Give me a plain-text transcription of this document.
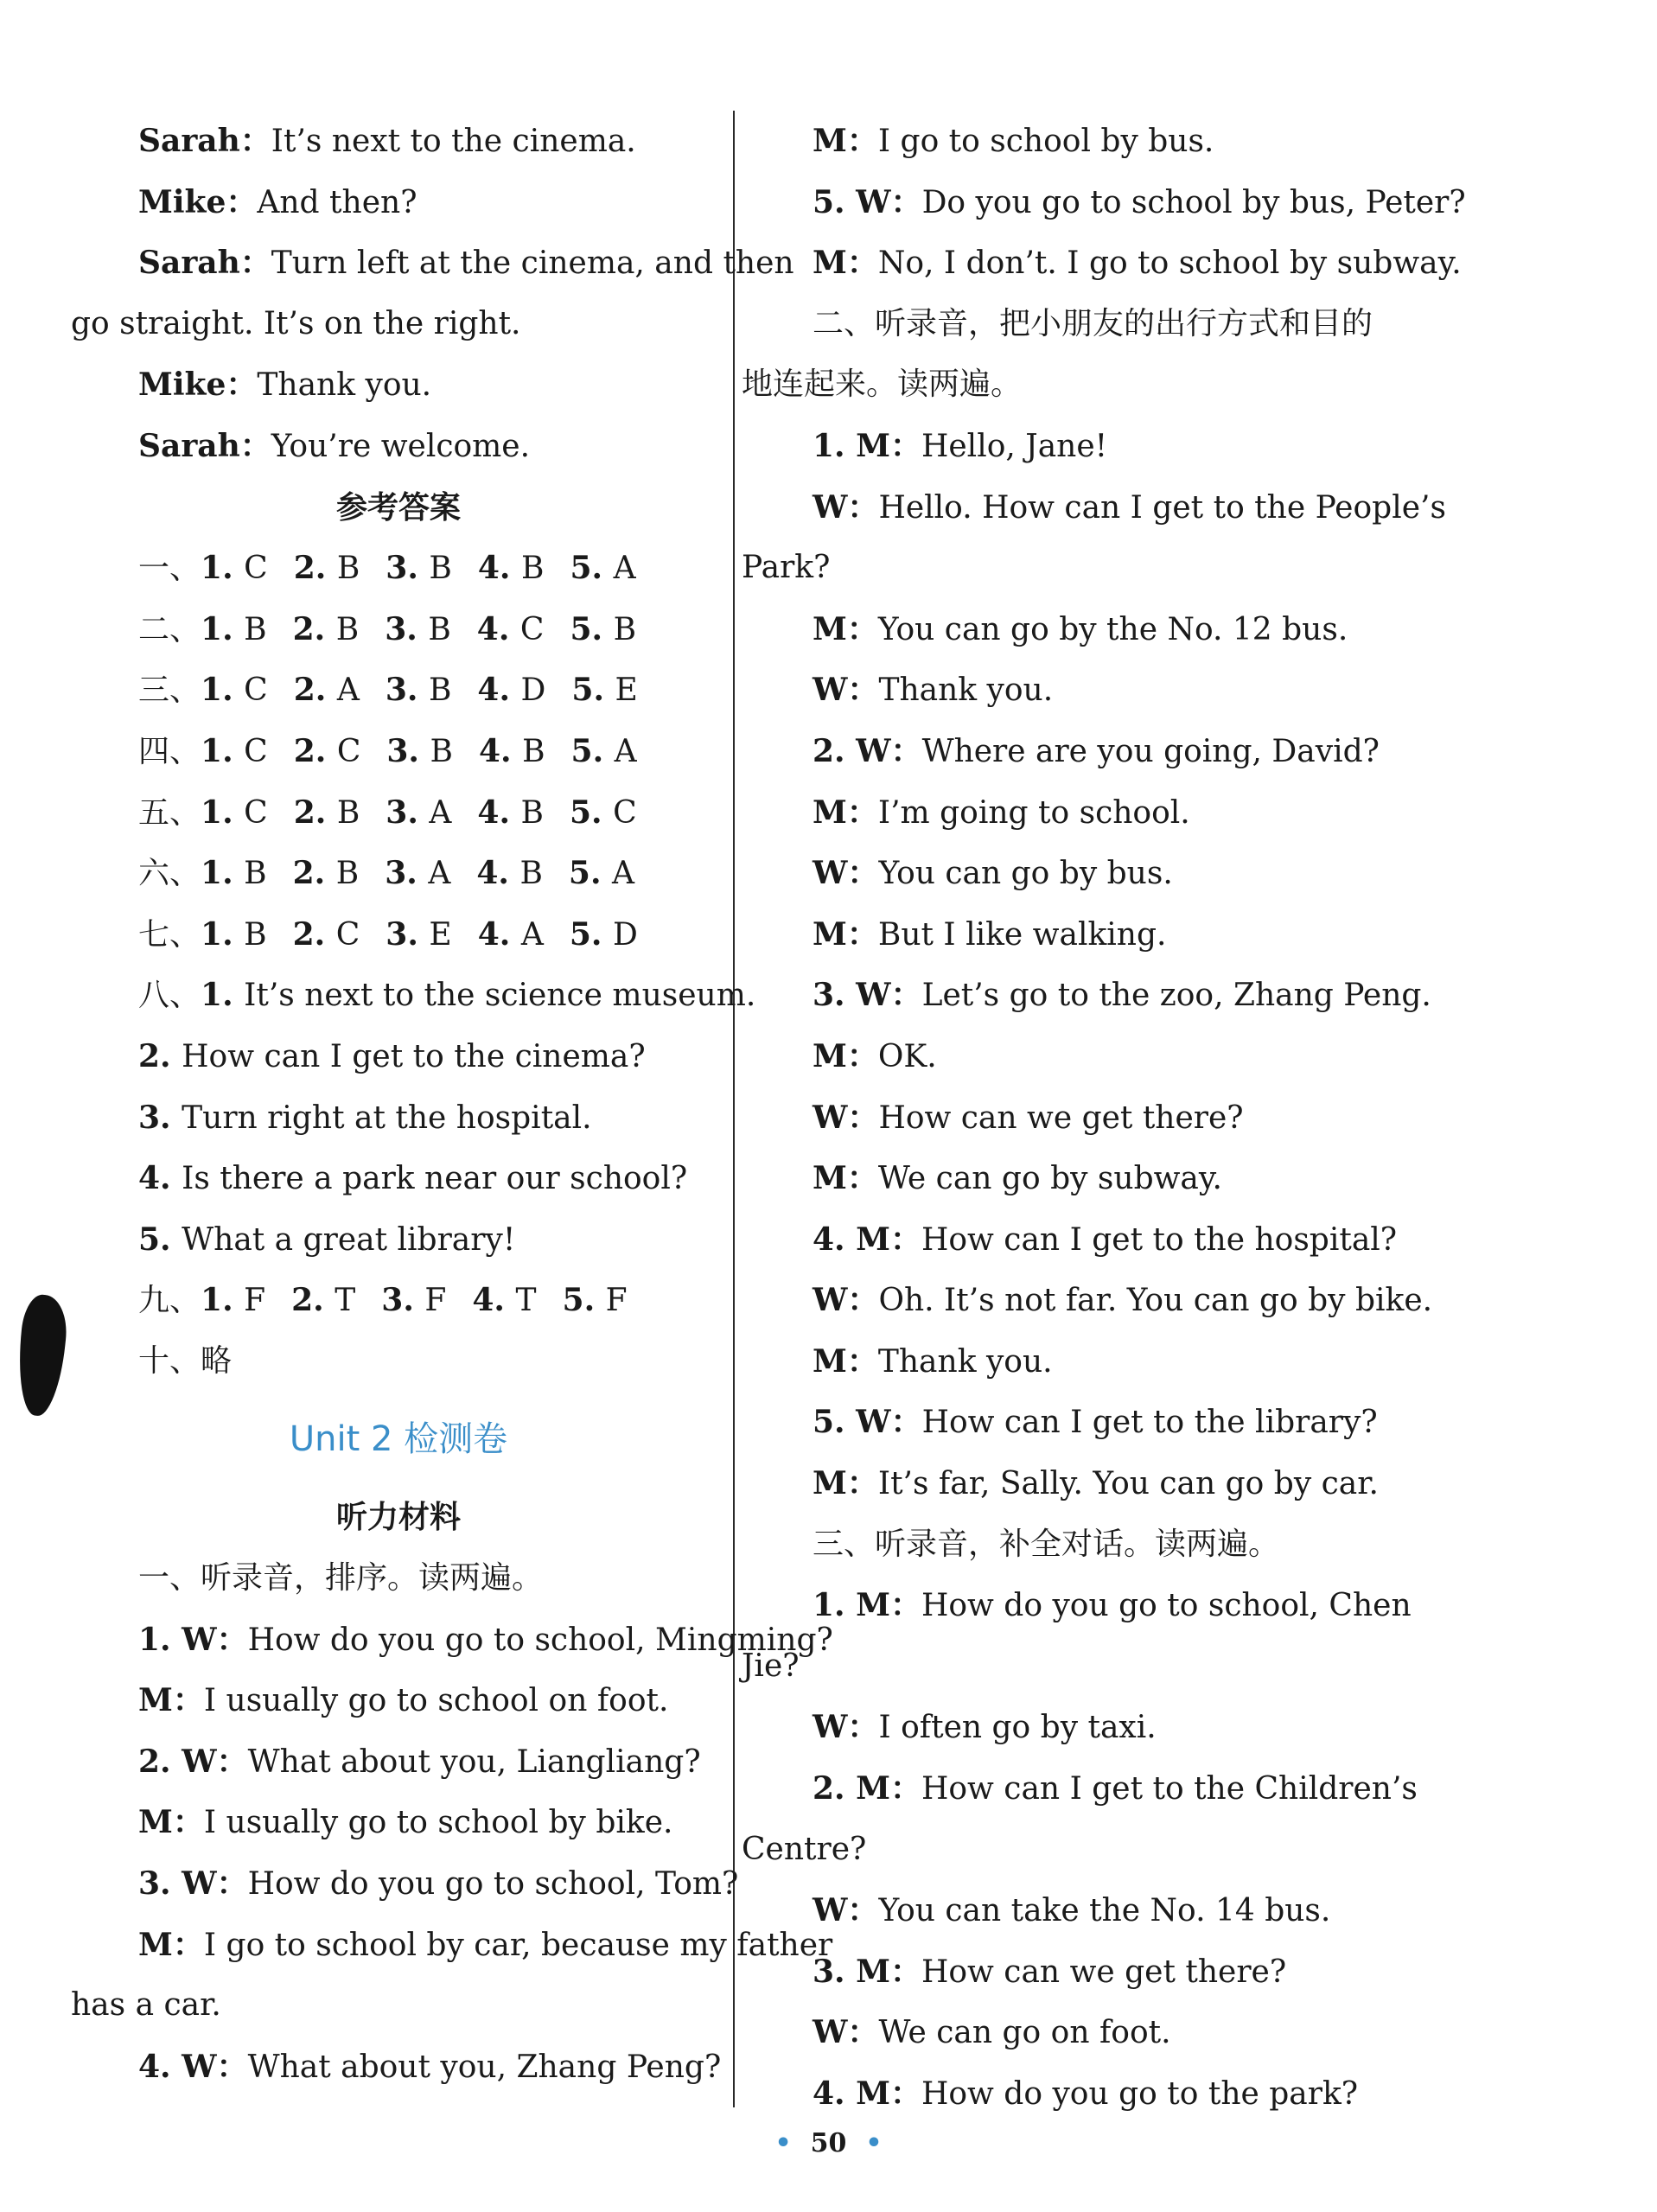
Sarah：It’s next to the cinema.
Mike：And then?
Sarah：Turn left at the cinema, and then
go straight. It’s on the right.
Mike：Thank you.
Sarah：You’re welcome.
参考答案
一、1. C 2. B 3. B 4. B 5. A
二、1. B 2. B 3. B 4. C 5. B
三、1. C 2. A 3. B 4. D 5. E
四、1. C 2. C 3. B 4. B 5. A
五、1. C 2. B 3. A 4. B 5. C
六、1. B 2. B 3. A 4. B 5. A
七、1. B 2. C 3. E 4. A 5. D
八、1. It’s next to the science museum.
2. How can I get to the cinema?
3. Turn right at the hospital.
4. Is there a park near our school?
5. What a great library!
九、1. F 2. T 3. F 4. T 5. F
十、略
Unit 2 检测卷
听力材料
一、听录音，排序。读两遍。
1. W：How do you go to school, Mingming?
M：I usually go to school on foot.
2. W：What about you, Liangliang?
M：I usually go to school by bike.
3. W：How do you go to school, Tom?
M：I go to school by car, because my father
has a car.
4. W：What about you, Zhang Peng?
M：I go to school by bus.
5. W：Do you go to school by bus, Peter?
M：No, I don’t. I go to school by subway.
二、听录音，把小朋友的出行方式和目的
地连起来。读两遍。
1. M：Hello, Jane!
W：Hello. How can I get to the People’s
Park?
M：You can go by the No. 12 bus.
W：Thank you.
2. W：Where are you going, David?
M：I’m going to school.
W：You can go by bus.
M：But I like walking.
3. W：Let’s go to the zoo, Zhang Peng.
M：OK.
W：How can we get there?
M：We can go by subway.
4. M：How can I get to the hospital?
W：Oh. It’s not far. You can go by bike.
M：Thank you.
5. W：How can I get to the library?
M：It’s far, Sally. You can go by car.
三、听录音，补全对话。读两遍。
1. M：How do you go to school, Chen
Jie?
W：I often go by taxi.
2. M：How can I get to the Children’s
Centre?
W：You can take the No. 14 bus.
3. M：How can we get there?
W：We can go on foot.
4. M：How do you go to the park?
• 50 •
